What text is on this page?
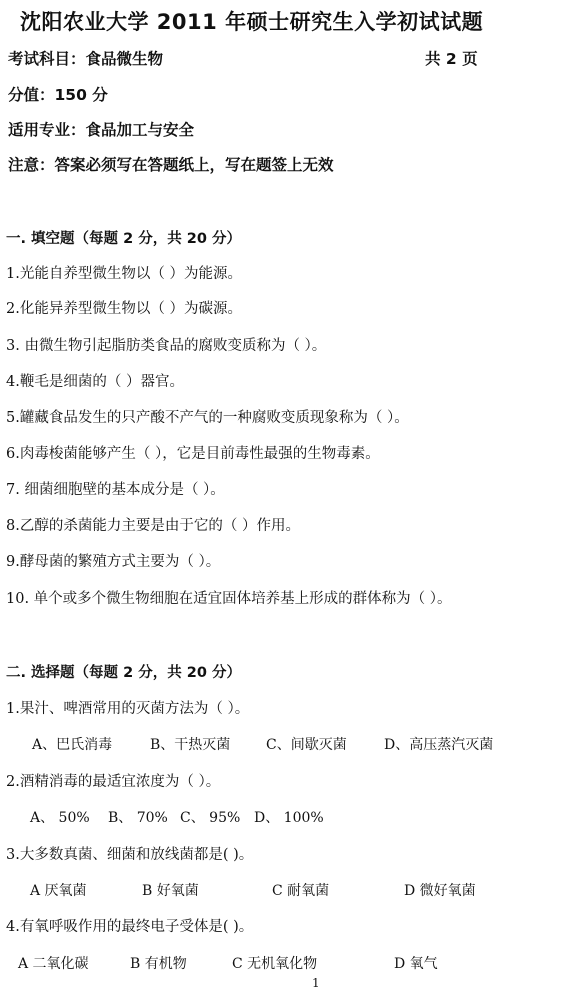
沈阳农业大学 2011 年硕士研究生入学初试试题
考试科目：食品微生物	共 2 页
分值：150 分
适用专业：食品加工与安全
注意：答案必须写在答题纸上，写在题签上无效
一. 填空题（每题 2 分，共 20 分）
1.光能自养型微生物以（ ）为能源。
2.化能异养型微生物以（ ）为碳源。
3. 由微生物引起脂肪类食品的腐败变质称为（ ）。
4.鞭毛是细菌的（ ）器官。
5.罐藏食品发生的只产酸不产气的一种腐败变质现象称为（ ）。
6.肉毒梭菌能够产生（ ），它是目前毒性最强的生物毒素。
7. 细菌细胞壁的基本成分是（ ）。
8.乙醇的杀菌能力主要是由于它的（ ）作用。
9.酵母菌的繁殖方式主要为（ ）。
10. 单个或多个微生物细胞在适宜固体培养基上形成的群体称为（ ）。
二. 选择题（每题 2 分，共 20 分）
1.果汁、啤酒常用的灭菌方法为（ ）。
A、巴氏消毒	B、干热灭菌	C、间歇灭菌	D、高压蒸汽灭菌
2.酒精消毒的最适宜浓度为（ ）。
A、 50% B、 70% C、 95% D、 100%
3.大多数真菌、细菌和放线菌都是( )。
A 厌氧菌	B 好氧菌	C 耐氧菌	D 微好氧菌
4.有氧呼吸作用的最终电子受体是( )。
A 二氧化碳	B 有机物	C 无机氧化物	D 氧气
1
